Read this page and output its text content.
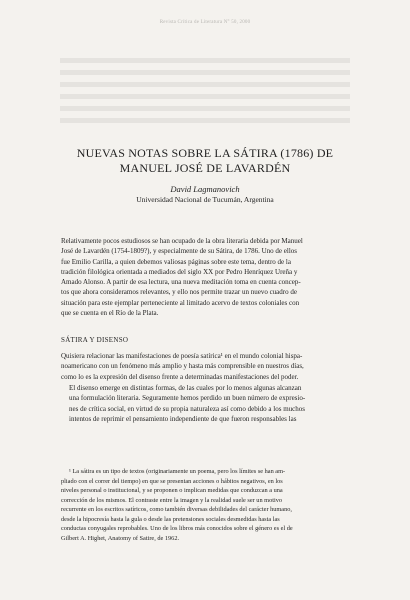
Revista Crítica de Literatura N° 50, 2000
NUEVAS NOTAS SOBRE LA SÁTIRA (1786) DE
MANUEL JOSÉ DE LAVARDÉN
David Lagmanovich
Universidad Nacional de Tucumán, Argentina
Relativamente pocos estudiosos se han ocupado de la obra literaria debida por Manuel
José de Lavardén (1754-1809?), y especialmente de su Sátira, de 1786. Uno de ellos
fue Emilio Carilla, a quien debemos valiosas páginas sobre este tema, dentro de la
tradición filológica orientada a mediados del siglo XX por Pedro Henríquez Ureña y
Amado Alonso. A partir de esa lectura, una nueva meditación toma en cuenta concep-
tos que ahora consideramos relevantes, y ello nos permite trazar un nuevo cuadro de
situación para este ejemplar perteneciente al limitado acervo de textos coloniales con
que se cuenta en el Río de la Plata.
SÁTIRA Y DISENSO
Quisiera relacionar las manifestaciones de poesía satírica¹ en el mundo colonial hispa-
noamericano con un fenómeno más amplio y hasta más comprensible en nuestros días,
como lo es la expresión del disenso frente a determinadas manifestaciones del poder.
El disenso emerge en distintas formas, de las cuales por lo menos algunas alcanzan
una formulación literaria. Seguramente hemos perdido un buen número de expresio-
nes de crítica social, en virtud de su propia naturaleza así como debido a los muchos
intentos de reprimir el pensamiento independiente de que fueron responsables las
¹ La sátira es un tipo de textos (originariamente un poema, pero los límites se han am-
pliado con el correr del tiempo) en que se presentan acciones o hábitos negativos, en los
niveles personal o institucional, y se proponen o implican medidas que conduzcan a una
corrección de los mismos. El contraste entre la imagen y la realidad suele ser un motivo
recurrente en los escritos satíricos, como también diversas debilidades del carácter humano,
desde la hipocresía hasta la gula o desde las pretensiones sociales desmedidas hasta las
conductas conyugales reprobables. Uno de los libros más conocidos sobre el género es el de
Gilbert A. Highet, Anatomy of Satire, de 1962.
